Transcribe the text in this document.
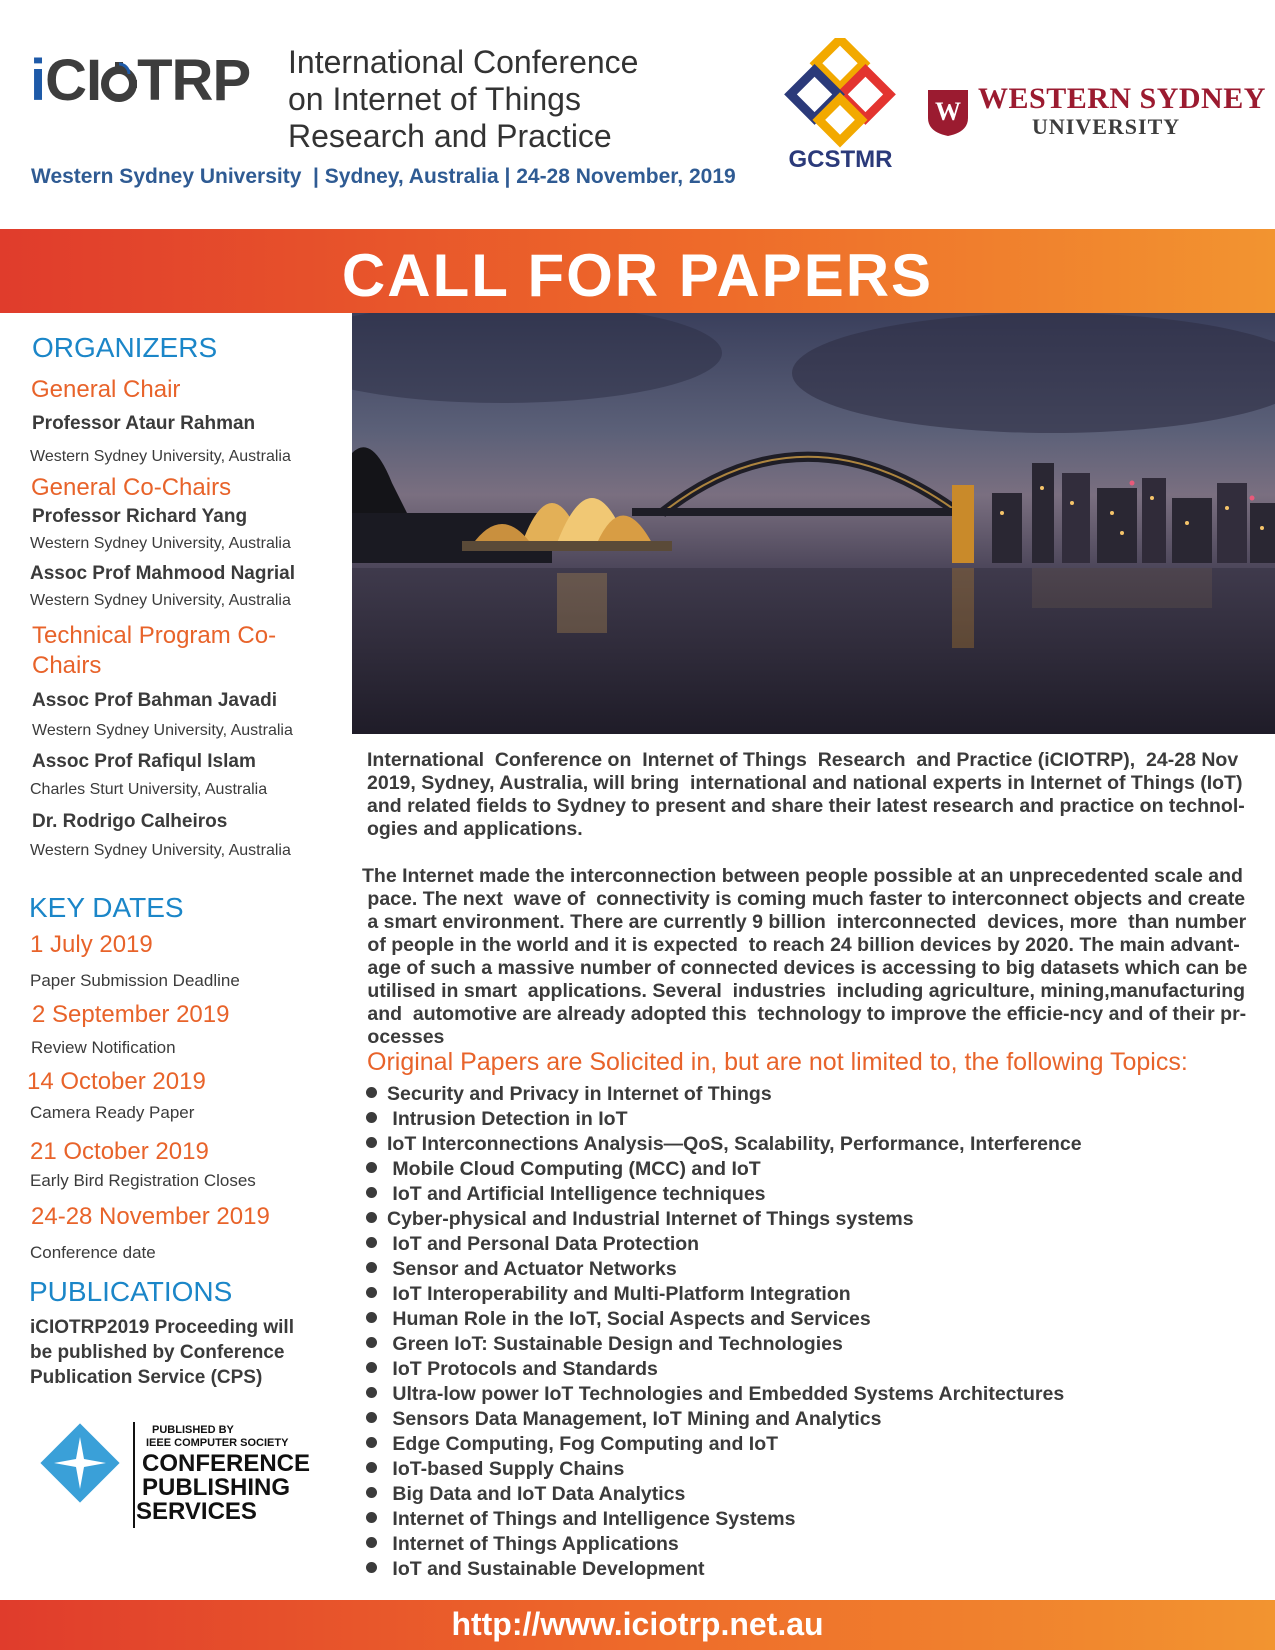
iCI TRP International Conference
on Internet of Things
Research and Practice
Western Sydney University  | Sydney, Australia | 24-28 November, 2019
GCSTMR
W WESTERN SYDNEY
UNIVERSITY
CALL FOR PAPERS
ORGANIZERS
General Chair
Professor Ataur Rahman
Western Sydney University, Australia
General Co-Chairs
Professor Richard Yang
Western Sydney University, Australia
Assoc Prof Mahmood Nagrial
Western Sydney University, Australia
Technical Program Co-
Chairs
Assoc Prof Bahman Javadi
Western Sydney University, Australia
Assoc Prof Rafiqul Islam
Charles Sturt University, Australia
Dr. Rodrigo Calheiros
Western Sydney University, Australia
KEY DATES
1 July 2019
Paper Submission Deadline
2 September 2019
Review Notification
14 October 2019
Camera Ready Paper
21 October 2019
Early Bird Registration Closes
24-28 November 2019
Conference date
PUBLICATIONS
iCIOTRP2019 Proceeding will
be published by Conference
Publication Service (CPS)
PUBLISHED BY
IEEE COMPUTER SOCIETY
CONFERENCE
PUBLISHING
SERVICES
International  Conference on  Internet of Things  Research  and Practice (iCIOTRP),  24-28 Nov
2019, Sydney, Australia, will bring  international and national experts in Internet of Things (IoT)
and related fields to Sydney to present and share their latest research and practice on technol-
ogies and applications.
The Internet made the interconnection between people possible at an unprecedented scale and
pace. The next  wave of  connectivity is coming much faster to interconnect objects and create
a smart environment. There are currently 9 billion  interconnected  devices, more  than number
of people in the world and it is expected  to reach 24 billion devices by 2020. The main advant-
age of such a massive number of connected devices is accessing to big datasets which can be
utilised in smart  applications. Several  industries  including agriculture, mining,manufacturing
and  automotive are already adopted this  technology to improve the efficie-ncy and of their pr-
ocesses
Original Papers are Solicited in, but are not limited to, the following Topics:
Security and Privacy in Internet of Things
Intrusion Detection in IoT
IoT Interconnections Analysis—QoS, Scalability, Performance, Interference
Mobile Cloud Computing (MCC) and IoT
IoT and Artificial Intelligence techniques
Cyber-physical and Industrial Internet of Things systems
IoT and Personal Data Protection
Sensor and Actuator Networks
IoT Interoperability and Multi-Platform Integration
Human Role in the IoT, Social Aspects and Services
Green IoT: Sustainable Design and Technologies
IoT Protocols and Standards
Ultra-low power IoT Technologies and Embedded Systems Architectures
Sensors Data Management, IoT Mining and Analytics
Edge Computing, Fog Computing and IoT
IoT-based Supply Chains
Big Data and IoT Data Analytics
Internet of Things and Intelligence Systems
Internet of Things Applications
IoT and Sustainable Development
http://www.iciotrp.net.au
